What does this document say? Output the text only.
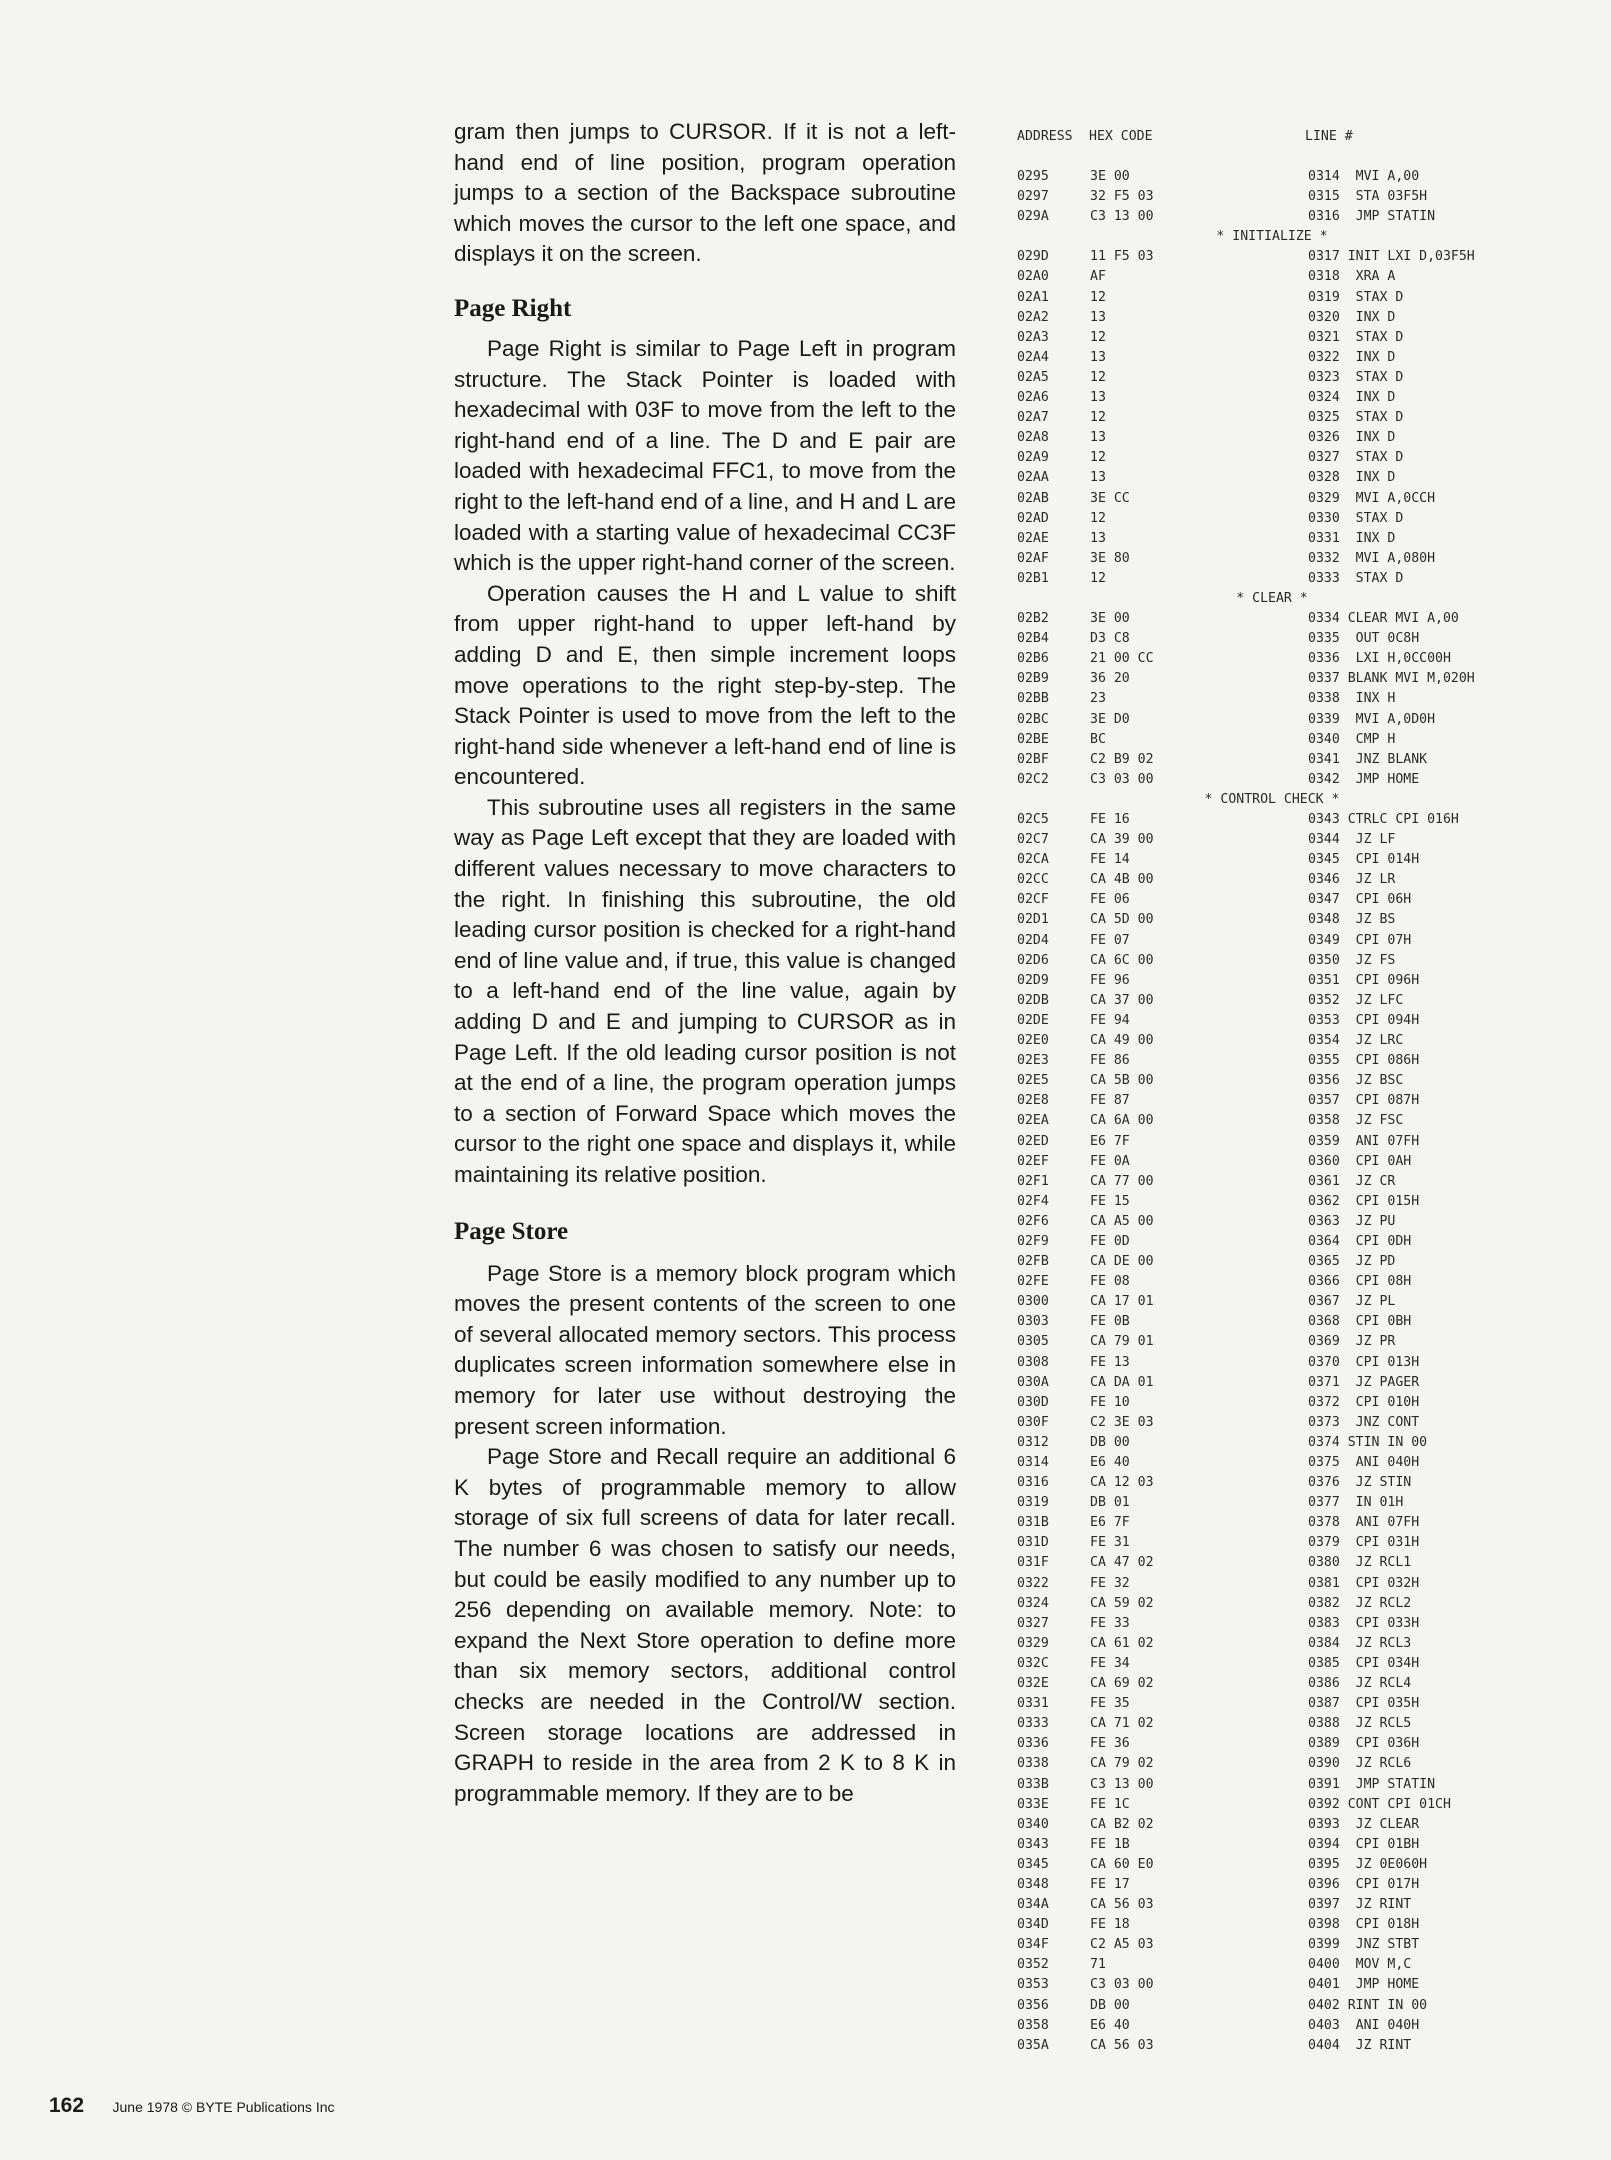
gram then jumps to CURSOR. If it is not a left-hand end of line position, program operation jumps to a section of the Backspace subroutine which moves the cursor to the left one space, and displays it on the screen.

Page Right

Page Right is similar to Page Left in program structure. The Stack Pointer is loaded with hexadecimal with 03F to move from the left to the right-hand end of a line. The D and E pair are loaded with hexadecimal FFC1, to move from the right to the left-hand end of a line, and H and L are loaded with a starting value of hexadecimal CC3F which is the upper right-hand corner of the screen.

Operation causes the H and L value to shift from upper right-hand to upper left-hand by adding D and E, then simple increment loops move operations to the right step-by-step. The Stack Pointer is used to move from the left to the right-hand side whenever a left-hand end of line is encountered.

This subroutine uses all registers in the same way as Page Left except that they are loaded with different values necessary to move characters to the right. In finishing this subroutine, the old leading cursor position is checked for a right-hand end of line value and, if true, this value is changed to a left-hand end of the line value, again by adding D and E and jumping to CURSOR as in Page Left. If the old leading cursor position is not at the end of a line, the program operation jumps to a section of Forward Space which moves the cursor to the right one space and displays it, while maintaining its relative position.

Page Store

Page Store is a memory block program which moves the present contents of the screen to one of several allocated memory sectors. This process duplicates screen information somewhere else in memory for later use without destroying the present screen information.

Page Store and Recall require an additional 6 K bytes of programmable memory to allow storage of six full screens of data for later recall. The number 6 was chosen to satisfy our needs, but could be easily modified to any number up to 256 depending on available memory. Note: to expand the Next Store operation to define more than six memory sectors, additional control checks are needed in the Control/W section. Screen storage locations are addressed in GRAPH to reside in the area from 2 K to 8 K in programmable memory. If they are to be

ADDRESS HEX CODE	LINE #
0295	3E 00	0314  MVI A,00
0297	32 F5 03	0315  STA 03F5H
029A	C3 13 00	0316  JMP STATIN
* INITIALIZE *
029D	11 F5 03	0317 INIT LXI D,03F5H
02A0	AF	0318  XRA A
02A1	12	0319  STAX D
02A2	13	0320  INX D
02A3	12	0321  STAX D
02A4	13	0322  INX D
02A5	12	0323  STAX D
02A6	13	0324  INX D
02A7	12	0325  STAX D
02A8	13	0326  INX D
02A9	12	0327  STAX D
02AA	13	0328  INX D
02AB	3E CC	0329  MVI A,0CCH
02AD	12	0330  STAX D
02AE	13	0331  INX D
02AF	3E 80	0332  MVI A,080H
02B1	12	0333  STAX D
* CLEAR *
02B2	3E 00	0334 CLEAR MVI A,00
02B4	D3 C8	0335  OUT 0C8H
02B6	21 00 CC	0336  LXI H,0CC00H
02B9	36 20	0337 BLANK MVI M,020H
02BB	23	0338  INX H
02BC	3E D0	0339  MVI A,0D0H
02BE	BC	0340  CMP H
02BF	C2 B9 02	0341  JNZ BLANK
02C2	C3 03 00	0342  JMP HOME
* CONTROL CHECK *
02C5	FE 16	0343 CTRLC CPI 016H
02C7	CA 39 00	0344  JZ LF
02CA	FE 14	0345  CPI 014H
02CC	CA 4B 00	0346  JZ LR
02CF	FE 06	0347  CPI 06H
02D1	CA 5D 00	0348  JZ BS
02D4	FE 07	0349  CPI 07H
02D6	CA 6C 00	0350  JZ FS
02D9	FE 96	0351  CPI 096H
02DB	CA 37 00	0352  JZ LFC
02DE	FE 94	0353  CPI 094H
02E0	CA 49 00	0354  JZ LRC
02E3	FE 86	0355  CPI 086H
02E5	CA 5B 00	0356  JZ BSC
02E8	FE 87	0357  CPI 087H
02EA	CA 6A 00	0358  JZ FSC
02ED	E6 7F	0359  ANI 07FH
02EF	FE 0A	0360  CPI 0AH
02F1	CA 77 00	0361  JZ CR
02F4	FE 15	0362  CPI 015H
02F6	CA A5 00	0363  JZ PU
02F9	FE 0D	0364  CPI 0DH
02FB	CA DE 00	0365  JZ PD
02FE	FE 08	0366  CPI 08H
0300	CA 17 01	0367  JZ PL
0303	FE 0B	0368  CPI 0BH
0305	CA 79 01	0369  JZ PR
0308	FE 13	0370  CPI 013H
030A	CA DA 01	0371  JZ PAGER
030D	FE 10	0372  CPI 010H
030F	C2 3E 03	0373  JNZ CONT
0312	DB 00	0374 STIN IN 00
0314	E6 40	0375  ANI 040H
0316	CA 12 03	0376  JZ STIN
0319	DB 01	0377  IN 01H
031B	E6 7F	0378  ANI 07FH
031D	FE 31	0379  CPI 031H
031F	CA 47 02	0380  JZ RCL1
0322	FE 32	0381  CPI 032H
0324	CA 59 02	0382  JZ RCL2
0327	FE 33	0383  CPI 033H
0329	CA 61 02	0384  JZ RCL3
032C	FE 34	0385  CPI 034H
032E	CA 69 02	0386  JZ RCL4
0331	FE 35	0387  CPI 035H
0333	CA 71 02	0388  JZ RCL5
0336	FE 36	0389  CPI 036H
0338	CA 79 02	0390  JZ RCL6
033B	C3 13 00	0391  JMP STATIN
033E	FE 1C	0392 CONT CPI 01CH
0340	CA B2 02	0393  JZ CLEAR
0343	FE 1B	0394  CPI 01BH
0345	CA 60 E0	0395  JZ 0E060H
0348	FE 17	0396  CPI 017H
034A	CA 56 03	0397  JZ RINT
034D	FE 18	0398  CPI 018H
034F	C2 A5 03	0399  JNZ STBT
0352	71	0400  MOV M,C
0353	C3 03 00	0401  JMP HOME
0356	DB 00	0402 RINT IN 00
0358	E6 40	0403  ANI 040H
035A	CA 56 03	0404  JZ RINT
162 June 1978 © BYTE Publications Inc
